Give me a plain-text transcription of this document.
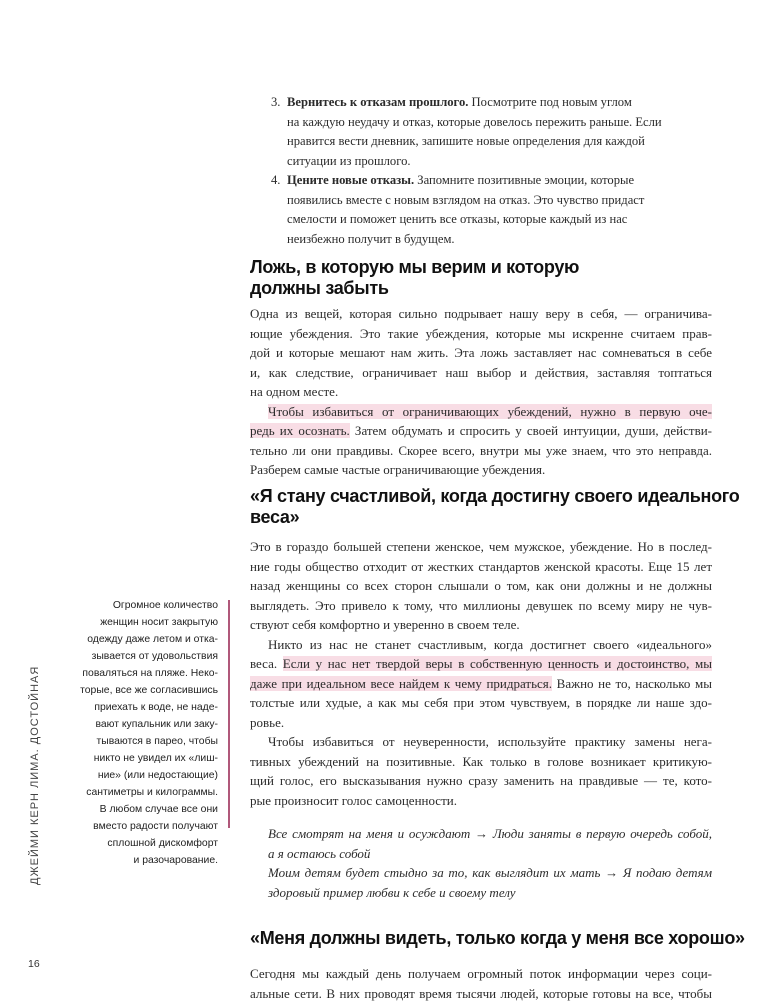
3. Вернитесь к отказам прошлого. Посмотрите под новым углом
на каждую неудачу и отказ, которые довелось пережить раньше. Если
нравится вести дневник, запишите новые определения для каждой
ситуации из прошлого.
4. Цените новые отказы. Запомните позитивные эмоции, которые
появились вместе с новым взглядом на отказ. Это чувство придаст
смелости и поможет ценить все отказы, которые каждый из нас
неизбежно получит в будущем.
Ложь, в которую мы верим и которую
должны забыть
Одна из вещей, которая сильно подрывает нашу веру в себя, — ограничива-
ющие убеждения. Это такие убеждения, которые мы искренне считаем прав-
дой и которые мешают нам жить. Эта ложь заставляет нас сомневаться в себе
и, как следствие, ограничивает наш выбор и действия, заставляя топтаться
на одном месте.
Чтобы избавиться от ограничивающих убеждений, нужно в первую оче-
редь их осознать. Затем обдумать и спросить у своей интуиции, души, действи-
тельно ли они правдивы. Скорее всего, внутри мы уже знаем, что это неправда.
Разберем самые частые ограничивающие убеждения.
«Я стану счастливой, когда достигну своего идеального
веса»
Это в гораздо большей степени женское, чем мужское, убеждение. Но в послед-
ние годы общество отходит от жестких стандартов женской красоты. Еще 15 лет
назад женщины со всех сторон слышали о том, как они должны и не должны
выглядеть. Это привело к тому, что миллионы девушек по всему миру не чув-
ствуют себя комфортно и уверенно в своем теле.
Никто из нас не станет счастливым, когда достигнет своего «идеального»
веса. Если у нас нет твердой веры в собственную ценность и достоинство, мы
даже при идеальном весе найдем к чему придраться. Важно не то, насколько мы
толстые или худые, а как мы себя при этом чувствуем, в порядке ли наше здо-
ровье.
Чтобы избавиться от неуверенности, используйте практику замены нега-
тивных убеждений на позитивные. Как только в голове возникает критикую-
щий голос, его высказывания нужно сразу заменить на правдивые — те, кото-
рые произносит голос самоценности.
Все смотрят на меня и осуждают → Люди заняты в первую очередь собой,
а я остаюсь собой
Моим детям будет стыдно за то, как выглядит их мать → Я подаю детям
здоровый пример любви к себе и своему телу
«Меня должны видеть, только когда у меня все хорошо»
Сегодня мы каждый день получаем огромный поток информации через соци-
альные сети. В них проводят время тысячи людей, которые готовы на все, чтобы
Огромное количество
женщин носит закрытую
одежду даже летом и отка-
зывается от удовольствия
поваляться на пляже. Неко-
торые, все же согласившись
приехать к воде, не наде-
вают купальник или заку-
тываются в парео, чтобы
никто не увидел их «лиш-
ние» (или недостающие)
сантиметры и килограммы.
В любом случае все они
вместо радости получают
сплошной дискомфорт
и разочарование.
ДЖЕЙМИ КЕРН ЛИМА. ДОСТОЙНАЯ
16
